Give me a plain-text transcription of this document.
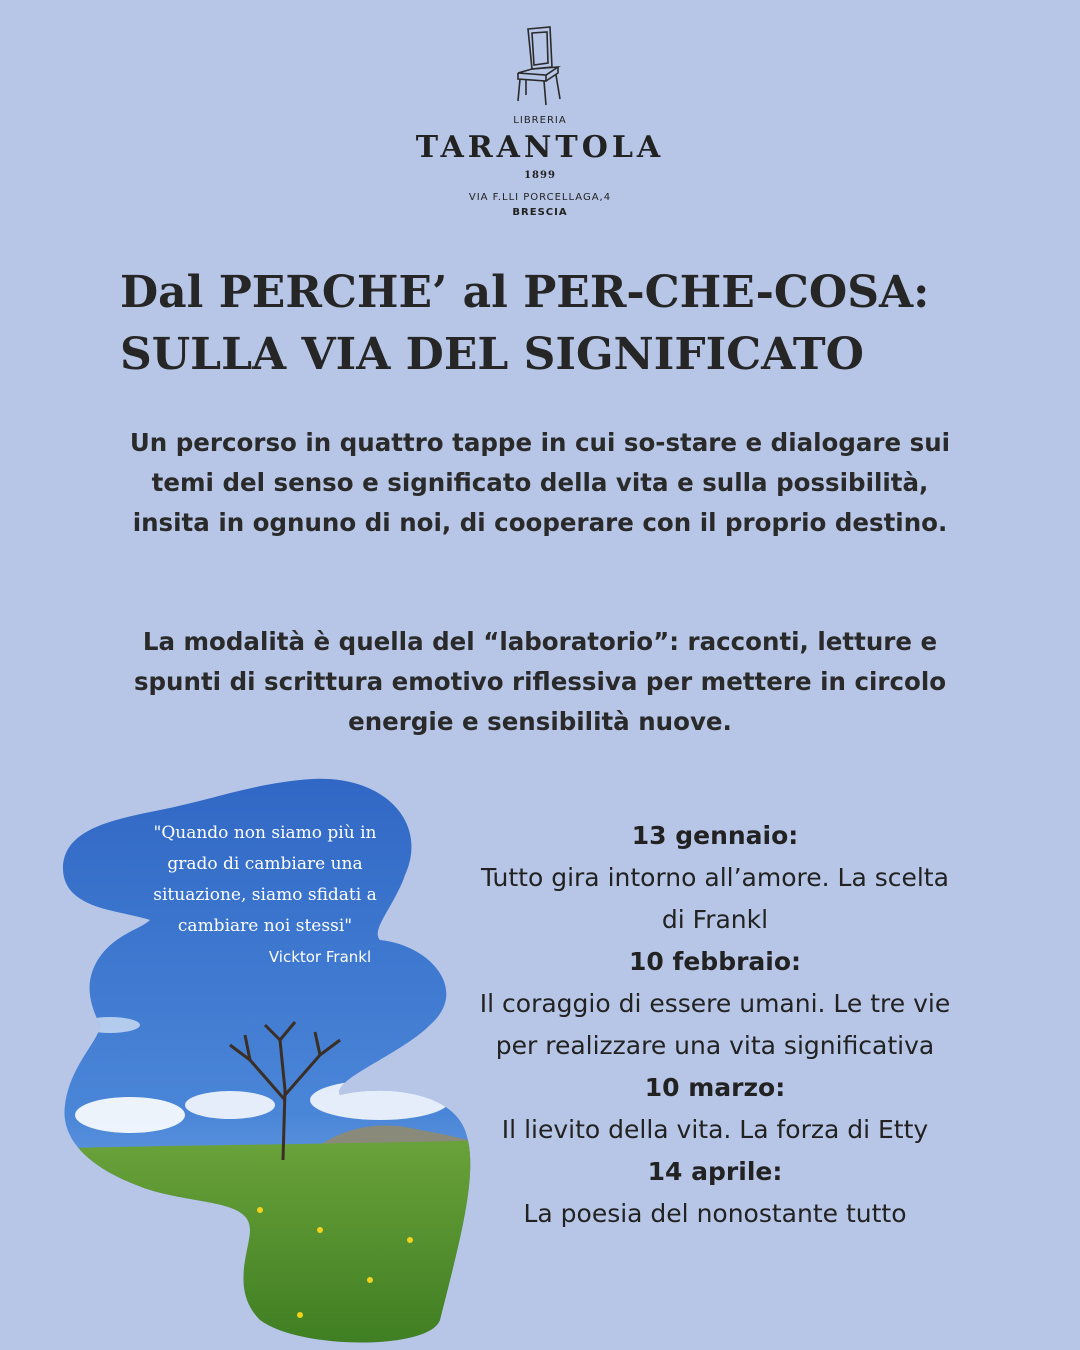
LIBRERIA
TARANTOLA
1899
VIA F.LLI PORCELLAGA,4
BRESCIA
Dal PERCHE’ al PER-CHE-COSA:
SULLA VIA DEL SIGNIFICATO

Un percorso in quattro tappe in cui so-stare e dialogare sui temi del senso e significato della vita e sulla possibilità, insita in ognuno di noi, di cooperare con il proprio destino.

La modalità è quella del “laboratorio”: racconti, letture e spunti di scrittura emotivo riflessiva per mettere in circolo energie e sensibilità nuove.

"Quando non siamo più in grado di cambiare una situazione, siamo sfidati a cambiare noi stessi"
Vicktor Frankl
13 gennaio:
Tutto gira intorno all’amore. La scelta di Frankl
10 febbraio:
Il coraggio di essere umani. Le tre vie per realizzare una vita significativa
10 marzo:
Il lievito della vita. La forza di Etty
14 aprile:
La poesia del nonostante tutto
